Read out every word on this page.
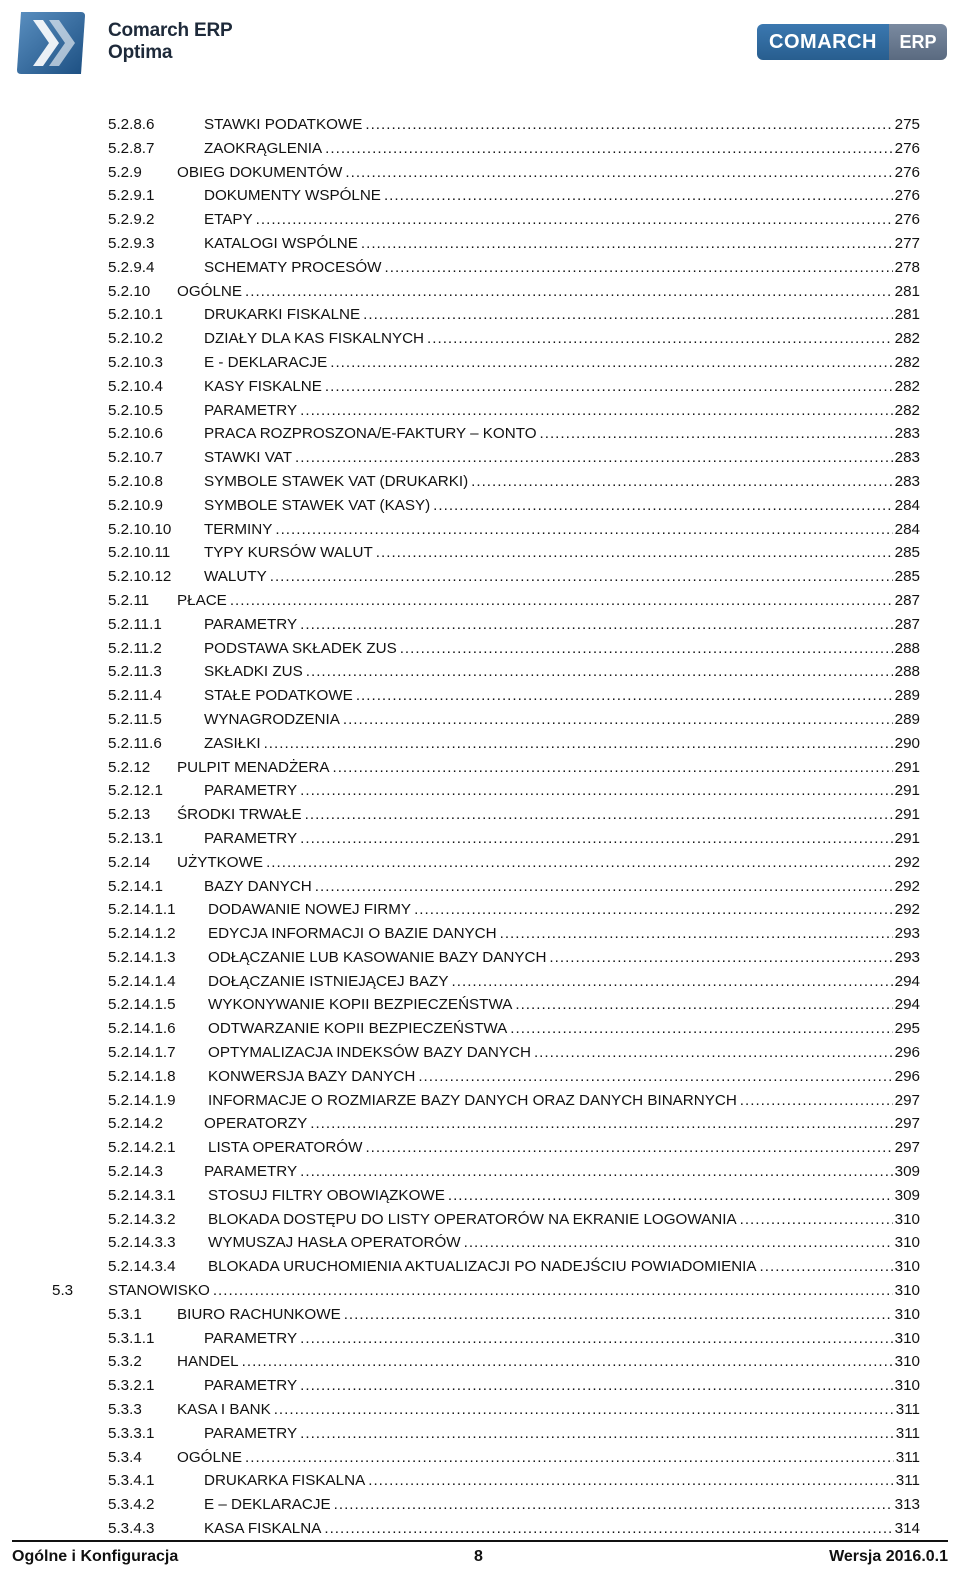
Comarch ERP
Optima	COMARCH	ERP
5.2.8.6	STAWKI PODATKOWE .....	275
5.2.8.7	ZAOKRĄGLENIA .....	276
5.2.9 OBIEG DOKUMENTÓW .....	276
5.2.9.1	DOKUMENTY WSPÓLNE .....	276
5.2.9.2	ETAPY .....	276
5.2.9.3	KATALOGI WSPÓLNE .....	277
5.2.9.4	SCHEMATY PROCESÓW .....	278
5.2.10 OGÓLNE .....	281
5.2.10.1	DRUKARKI FISKALNE .....	281
5.2.10.2	DZIAŁY DLA KAS FISKALNYCH .....	282
5.2.10.3	E - DEKLARACJE .....	282
5.2.10.4	KASY FISKALNE .....	282
5.2.10.5	PARAMETRY .....	282
5.2.10.6	PRACA ROZPROSZONA/E-FAKTURY – KONTO .....	283
5.2.10.7	STAWKI VAT .....	283
5.2.10.8	SYMBOLE STAWEK VAT (DRUKARKI) .....	283
5.2.10.9	SYMBOLE STAWEK VAT (KASY) .....	284
5.2.10.10 TERMINY .....	284
5.2.10.11 TYPY KURSÓW WALUT .....	285
5.2.10.12 WALUTY .....	285
5.2.11 PŁACE .....	287
5.2.11.1	PARAMETRY .....	287
5.2.11.2	PODSTAWA SKŁADEK ZUS .....	288
5.2.11.3	SKŁADKI ZUS .....	288
5.2.11.4	STAŁE PODATKOWE .....	289
5.2.11.5	WYNAGRODZENIA .....	289
5.2.11.6	ZASIŁKI .....	290
5.2.12 PULPIT MENADŻERA .....	291
5.2.12.1	PARAMETRY .....	291
5.2.13 ŚRODKI TRWAŁE .....	291
5.2.13.1	PARAMETRY .....	291
5.2.14 UŻYTKOWE .....	292
5.2.14.1	BAZY DANYCH .....	292
5.2.14.1.1 DODAWANIE NOWEJ FIRMY .....	292
5.2.14.1.2 EDYCJA INFORMACJI O BAZIE DANYCH .....	293
5.2.14.1.3 ODŁĄCZANIE LUB KASOWANIE BAZY DANYCH .....	293
5.2.14.1.4 DOŁĄCZANIE ISTNIEJĄCEJ BAZY .....	294
5.2.14.1.5 WYKONYWANIE KOPII BEZPIECZEŃSTWA .....	294
5.2.14.1.6 ODTWARZANIE KOPII BEZPIECZEŃSTWA .....	295
5.2.14.1.7 OPTYMALIZACJA INDEKSÓW BAZY DANYCH .....	296
5.2.14.1.8 KONWERSJA BAZY DANYCH .....	296
5.2.14.1.9 INFORMACJE O ROZMIARZE BAZY DANYCH ORAZ DANYCH BINARNYCH .....	297
5.2.14.2	OPERATORZY .....	297
5.2.14.2.1 LISTA OPERATORÓW .....	297
5.2.14.3	PARAMETRY .....	309
5.2.14.3.1 STOSUJ FILTRY OBOWIĄZKOWE .....	309
5.2.14.3.2 BLOKADA DOSTĘPU DO LISTY OPERATORÓW NA EKRANIE LOGOWANIA .....	310
5.2.14.3.3 WYMUSZAJ HASŁA OPERATORÓW .....	310
5.2.14.3.4 BLOKADA URUCHOMIENIA AKTUALIZACJI PO NADEJŚCIU POWIADOMIENIA .....	310
5.3 STANOWISKO .....	310
5.3.1 BIURO RACHUNKOWE .....	310
5.3.1.1	PARAMETRY .....	310
5.3.2 HANDEL .....	310
5.3.2.1	PARAMETRY .....	310
5.3.3 KASA I BANK .....	311
5.3.3.1	PARAMETRY .....	311
5.3.4 OGÓLNE .....	311
5.3.4.1	DRUKARKA FISKALNA .....	311
5.3.4.2	E – DEKLARACJE .....	313
5.3.4.3	KASA FISKALNA .....	314
Ogólne i Konfiguracja	8	Wersja 2016.0.1
